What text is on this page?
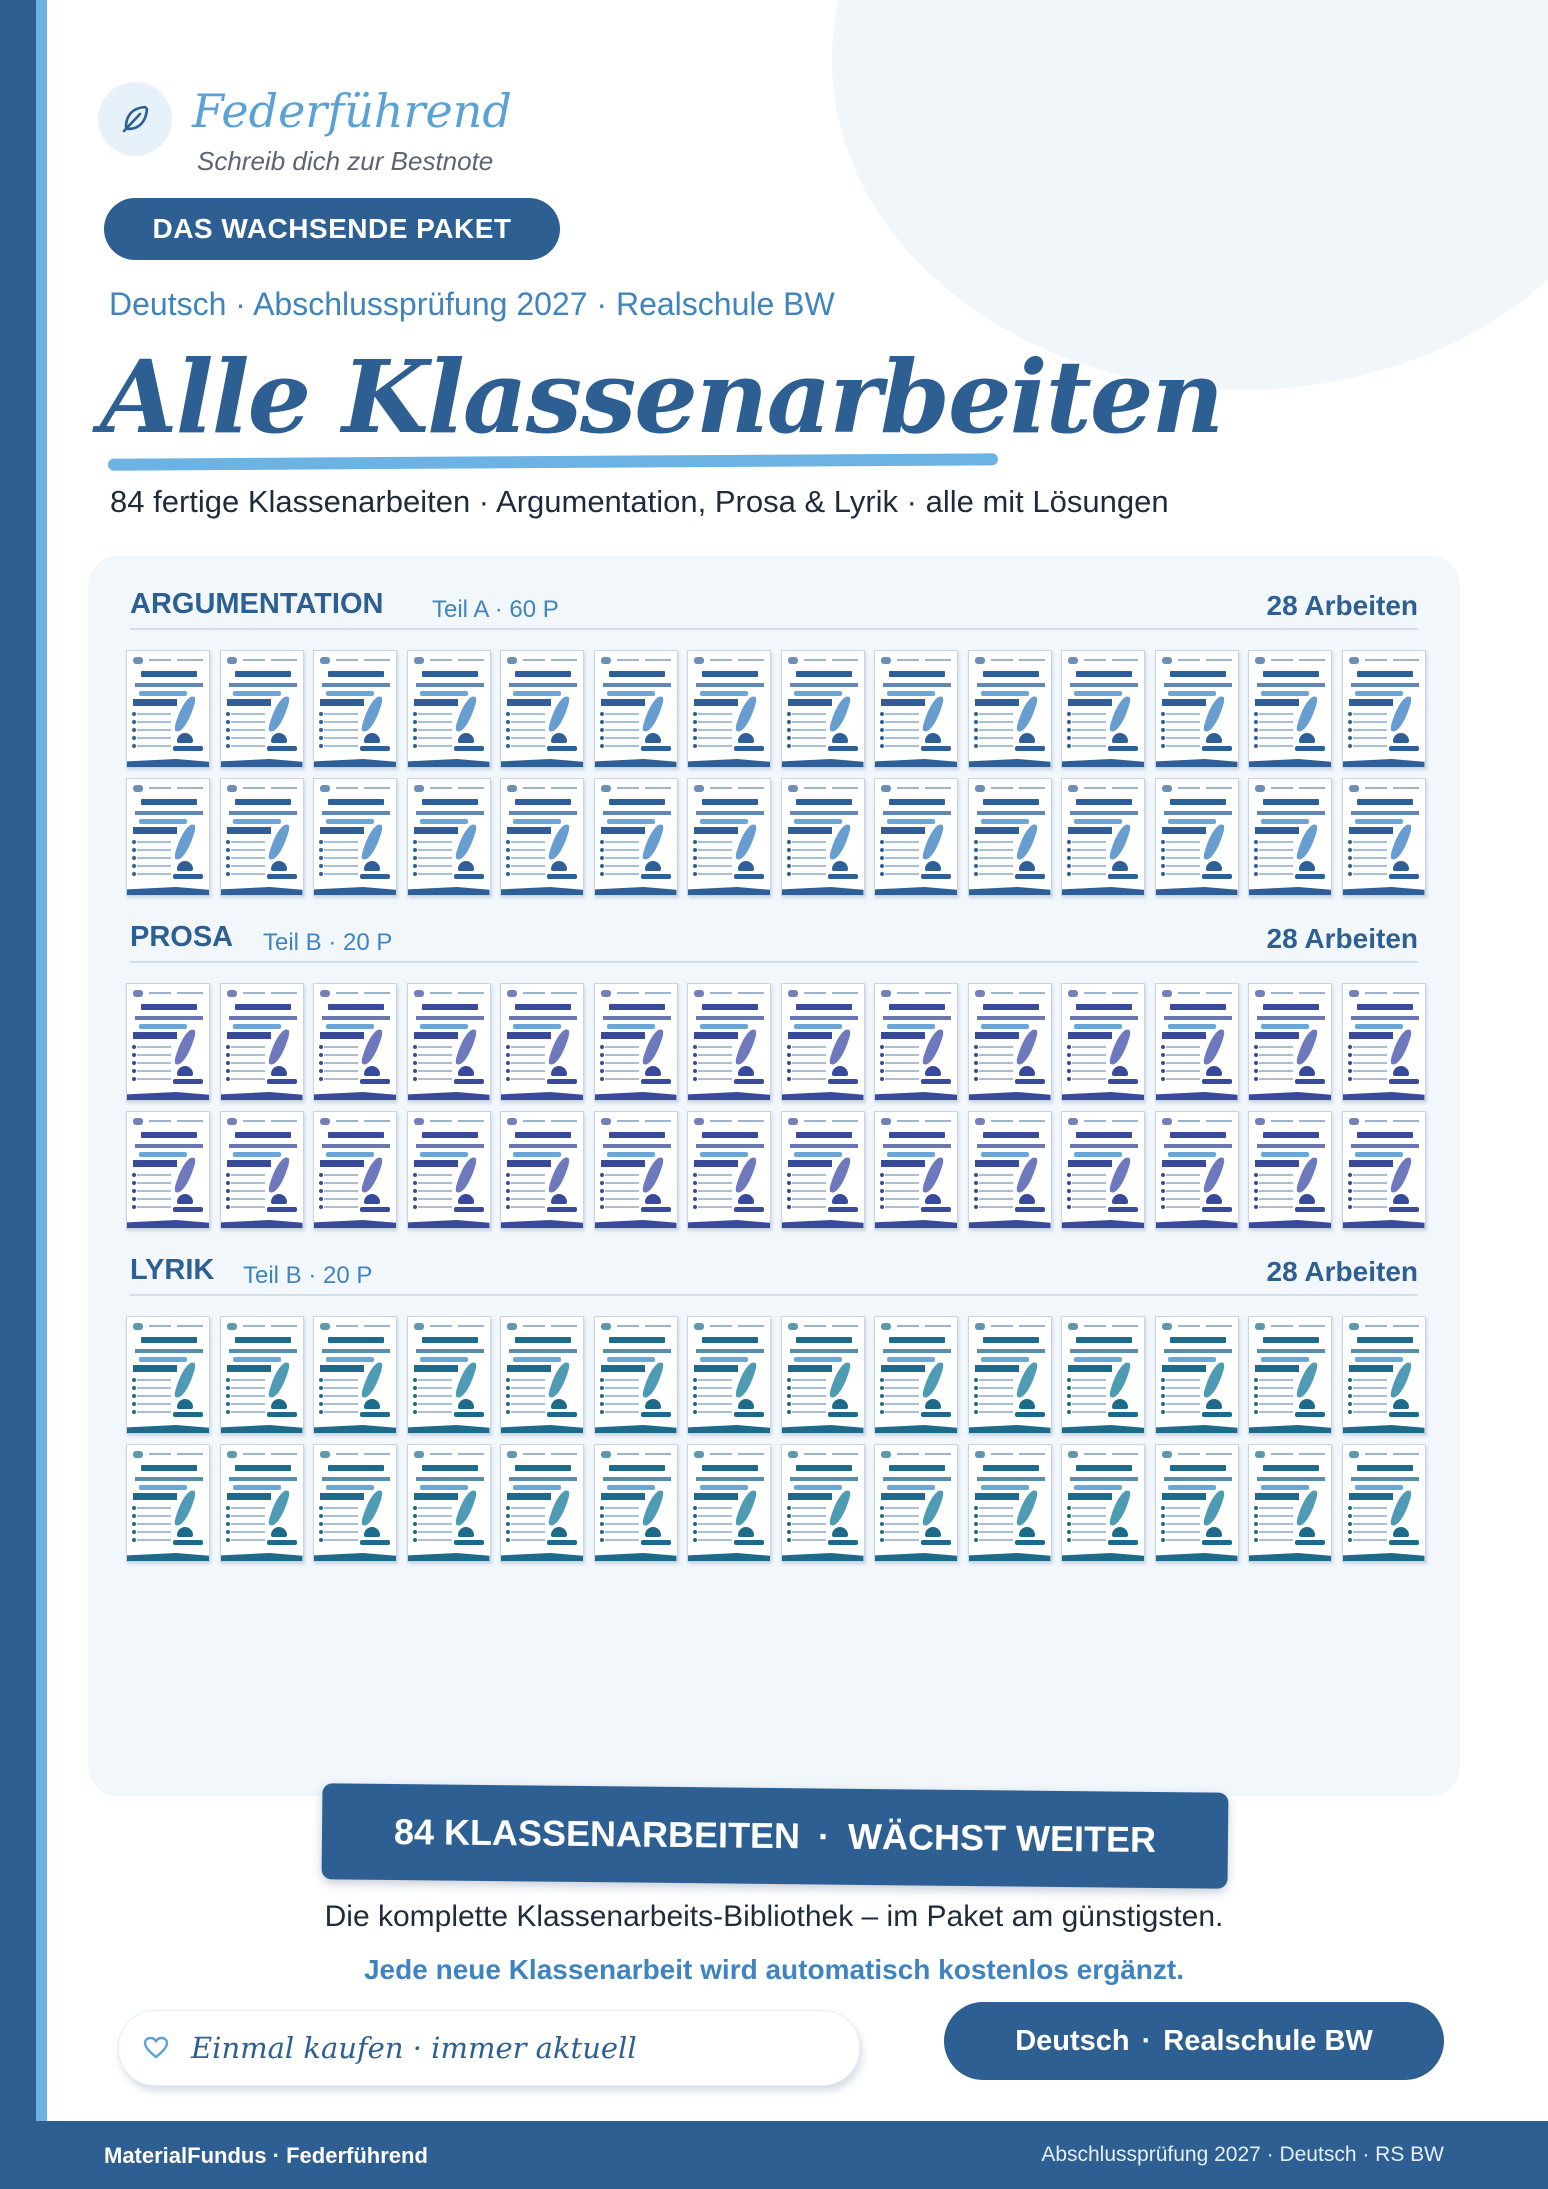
Federführend
Schreib dich zur Bestnote
DAS WACHSENDE PAKET
Deutsch · Abschlussprüfung 2027 · Realschule BW
Alle Klassenarbeiten
84 fertige Klassenarbeiten · Argumentation, Prosa & Lyrik · alle mit Lösungen
ARGUMENTATION Teil A · 60 P	28 Arbeiten
PROSA Teil B · 20 P	28 Arbeiten
LYRIK Teil B · 20 P	28 Arbeiten
84 KLASSENARBEITEN · WÄCHST WEITER
Die komplette Klassenarbeits-Bibliothek – im Paket am günstigsten.
Jede neue Klassenarbeit wird automatisch kostenlos ergänzt.
Einmal kaufen · immer aktuell	Deutsch · Realschule BW
MaterialFundus · Federführend	Abschlussprüfung 2027 · Deutsch · RS BW
